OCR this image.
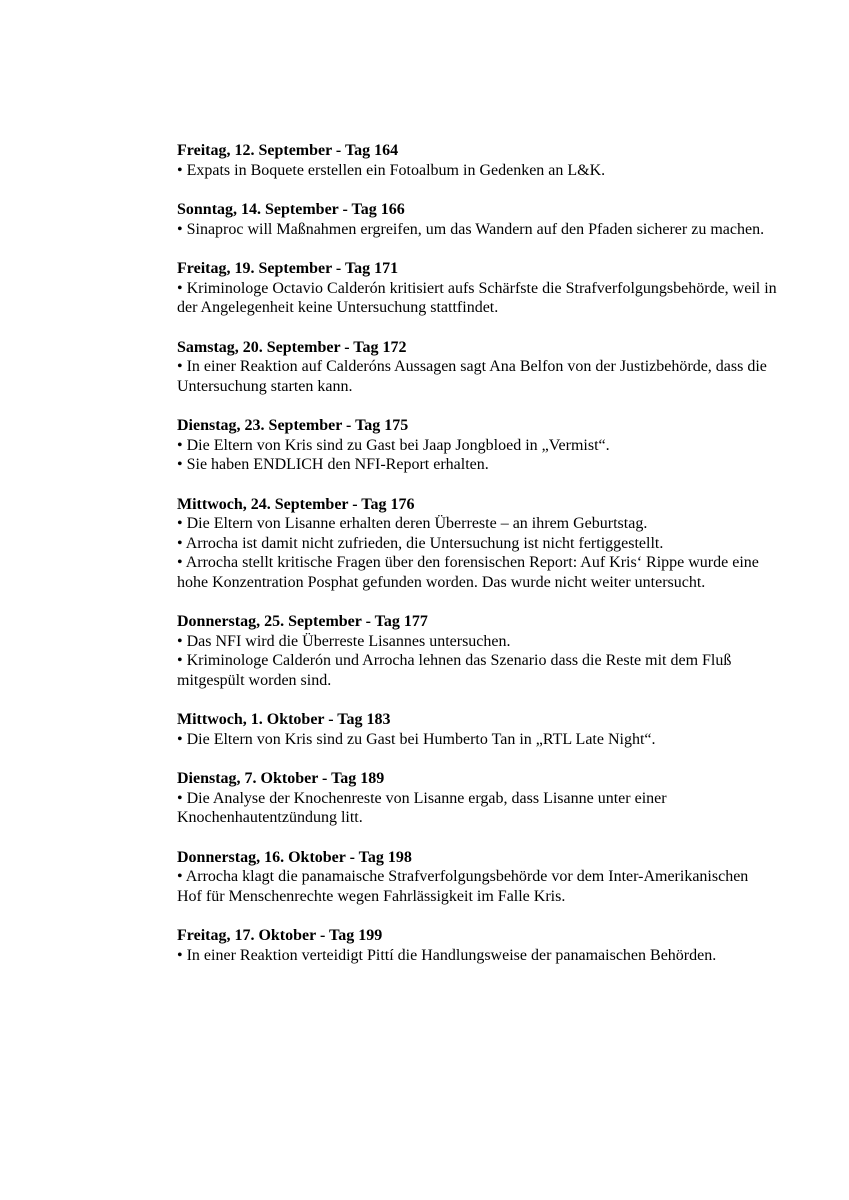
Freitag, 12. September - Tag 164

• Expats in Boquete erstellen ein Fotoalbum in Gedenken an L&K.

Sonntag, 14. September - Tag 166

• Sinaproc will Maßnahmen ergreifen, um das Wandern auf den Pfaden sicherer zu machen.

Freitag, 19. September - Tag 171

• Kriminologe Octavio Calderón kritisiert aufs Schärfste die Strafverfolgungsbehörde, weil in der Angelegenheit keine Untersuchung stattfindet.

Samstag, 20. September - Tag 172

• In einer Reaktion auf Calderóns Aussagen sagt Ana Belfon von der Justizbehörde, dass die Untersuchung starten kann.

Dienstag, 23. September - Tag 175

• Die Eltern von Kris sind zu Gast bei Jaap Jongbloed in „Vermist“.

• Sie haben ENDLICH den NFI-Report erhalten.

Mittwoch, 24. September - Tag 176

• Die Eltern von Lisanne erhalten deren Überreste – an ihrem Geburtstag.

• Arrocha ist damit nicht zufrieden, die Untersuchung ist nicht fertiggestellt.

• Arrocha stellt kritische Fragen über den forensischen Report: Auf Kris‘ Rippe wurde eine hohe Konzentration Posphat gefunden worden. Das wurde nicht weiter untersucht.

Donnerstag, 25. September - Tag 177

• Das NFI wird die Überreste Lisannes untersuchen.

• Kriminologe Calderón und Arrocha lehnen das Szenario dass die Reste mit dem Fluß mitgespült worden sind.

Mittwoch, 1. Oktober - Tag 183

• Die Eltern von Kris sind zu Gast bei Humberto Tan in „RTL Late Night“.

Dienstag, 7. Oktober - Tag 189

• Die Analyse der Knochenreste von Lisanne ergab, dass Lisanne unter einer Knochenhautentzündung litt.

Donnerstag, 16. Oktober - Tag 198

• Arrocha klagt die panamaische Strafverfolgungsbehörde vor dem Inter-Amerikanischen Hof für Menschenrechte wegen Fahrlässigkeit im Falle Kris.

Freitag, 17. Oktober - Tag 199

• In einer Reaktion verteidigt Pittí die Handlungsweise der panamaischen Behörden.
